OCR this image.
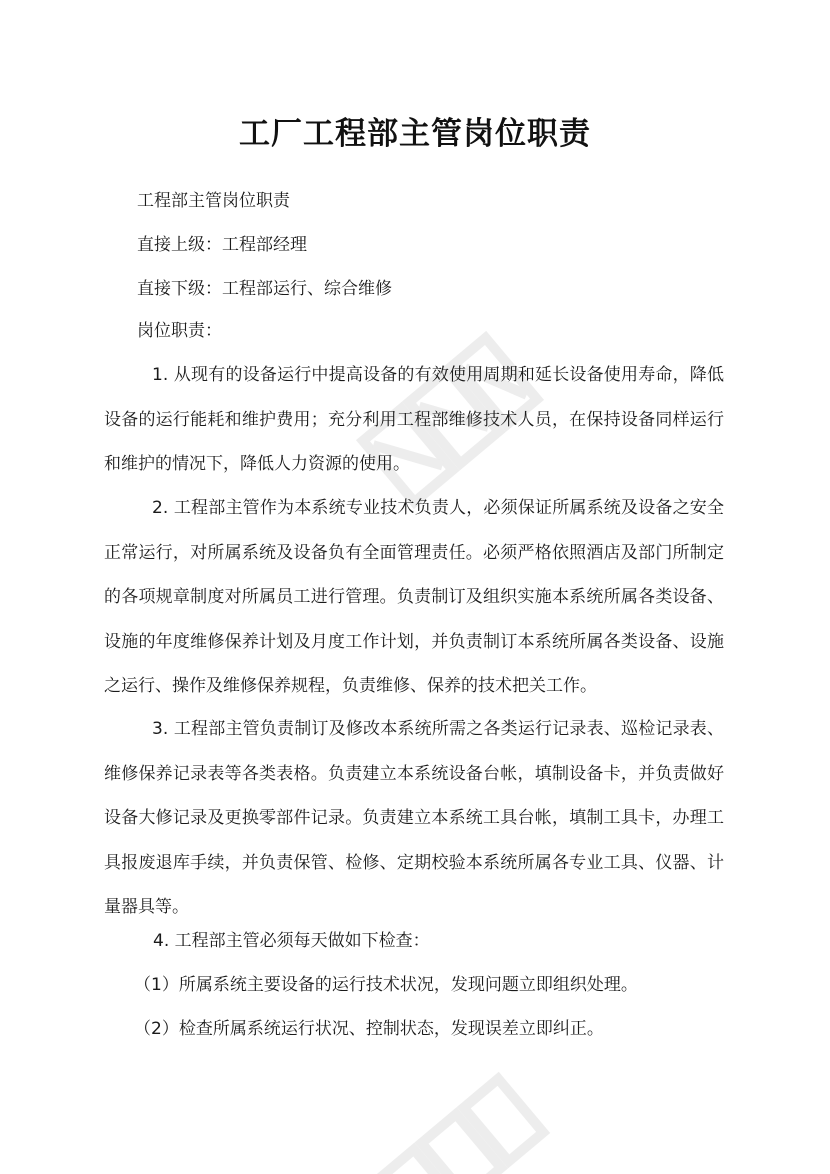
工厂工程部主管岗位职责
工程部主管岗位职责
直接上级：工程部经理
直接下级：工程部运行、综合维修
岗位职责：
1. 从现有的设备运行中提高设备的有效使用周期和延长设备使用寿命，降低设备的运行能耗和维护费用；充分利用工程部维修技术人员，在保持设备同样运行和维护的情况下，降低人力资源的使用。
2. 工程部主管作为本系统专业技术负责人，必须保证所属系统及设备之安全正常运行，对所属系统及设备负有全面管理责任。必须严格依照酒店及部门所制定的各项规章制度对所属员工进行管理。负责制订及组织实施本系统所属各类设备、设施的年度维修保养计划及月度工作计划，并负责制订本系统所属各类设备、设施之运行、操作及维修保养规程，负责维修、保养的技术把关工作。
3. 工程部主管负责制订及修改本系统所需之各类运行记录表、巡检记录表、维修保养记录表等各类表格。负责建立本系统设备台帐，填制设备卡，并负责做好设备大修记录及更换零部件记录。负责建立本系统工具台帐，填制工具卡，办理工具报废退库手续，并负责保管、检修、定期校验本系统所属各专业工具、仪器、计量器具等。
4. 工程部主管必须每天做如下检查：
（1）所属系统主要设备的运行技术状况，发现问题立即组织处理。
（2）检查所属系统运行状况、控制状态，发现误差立即纠正。
